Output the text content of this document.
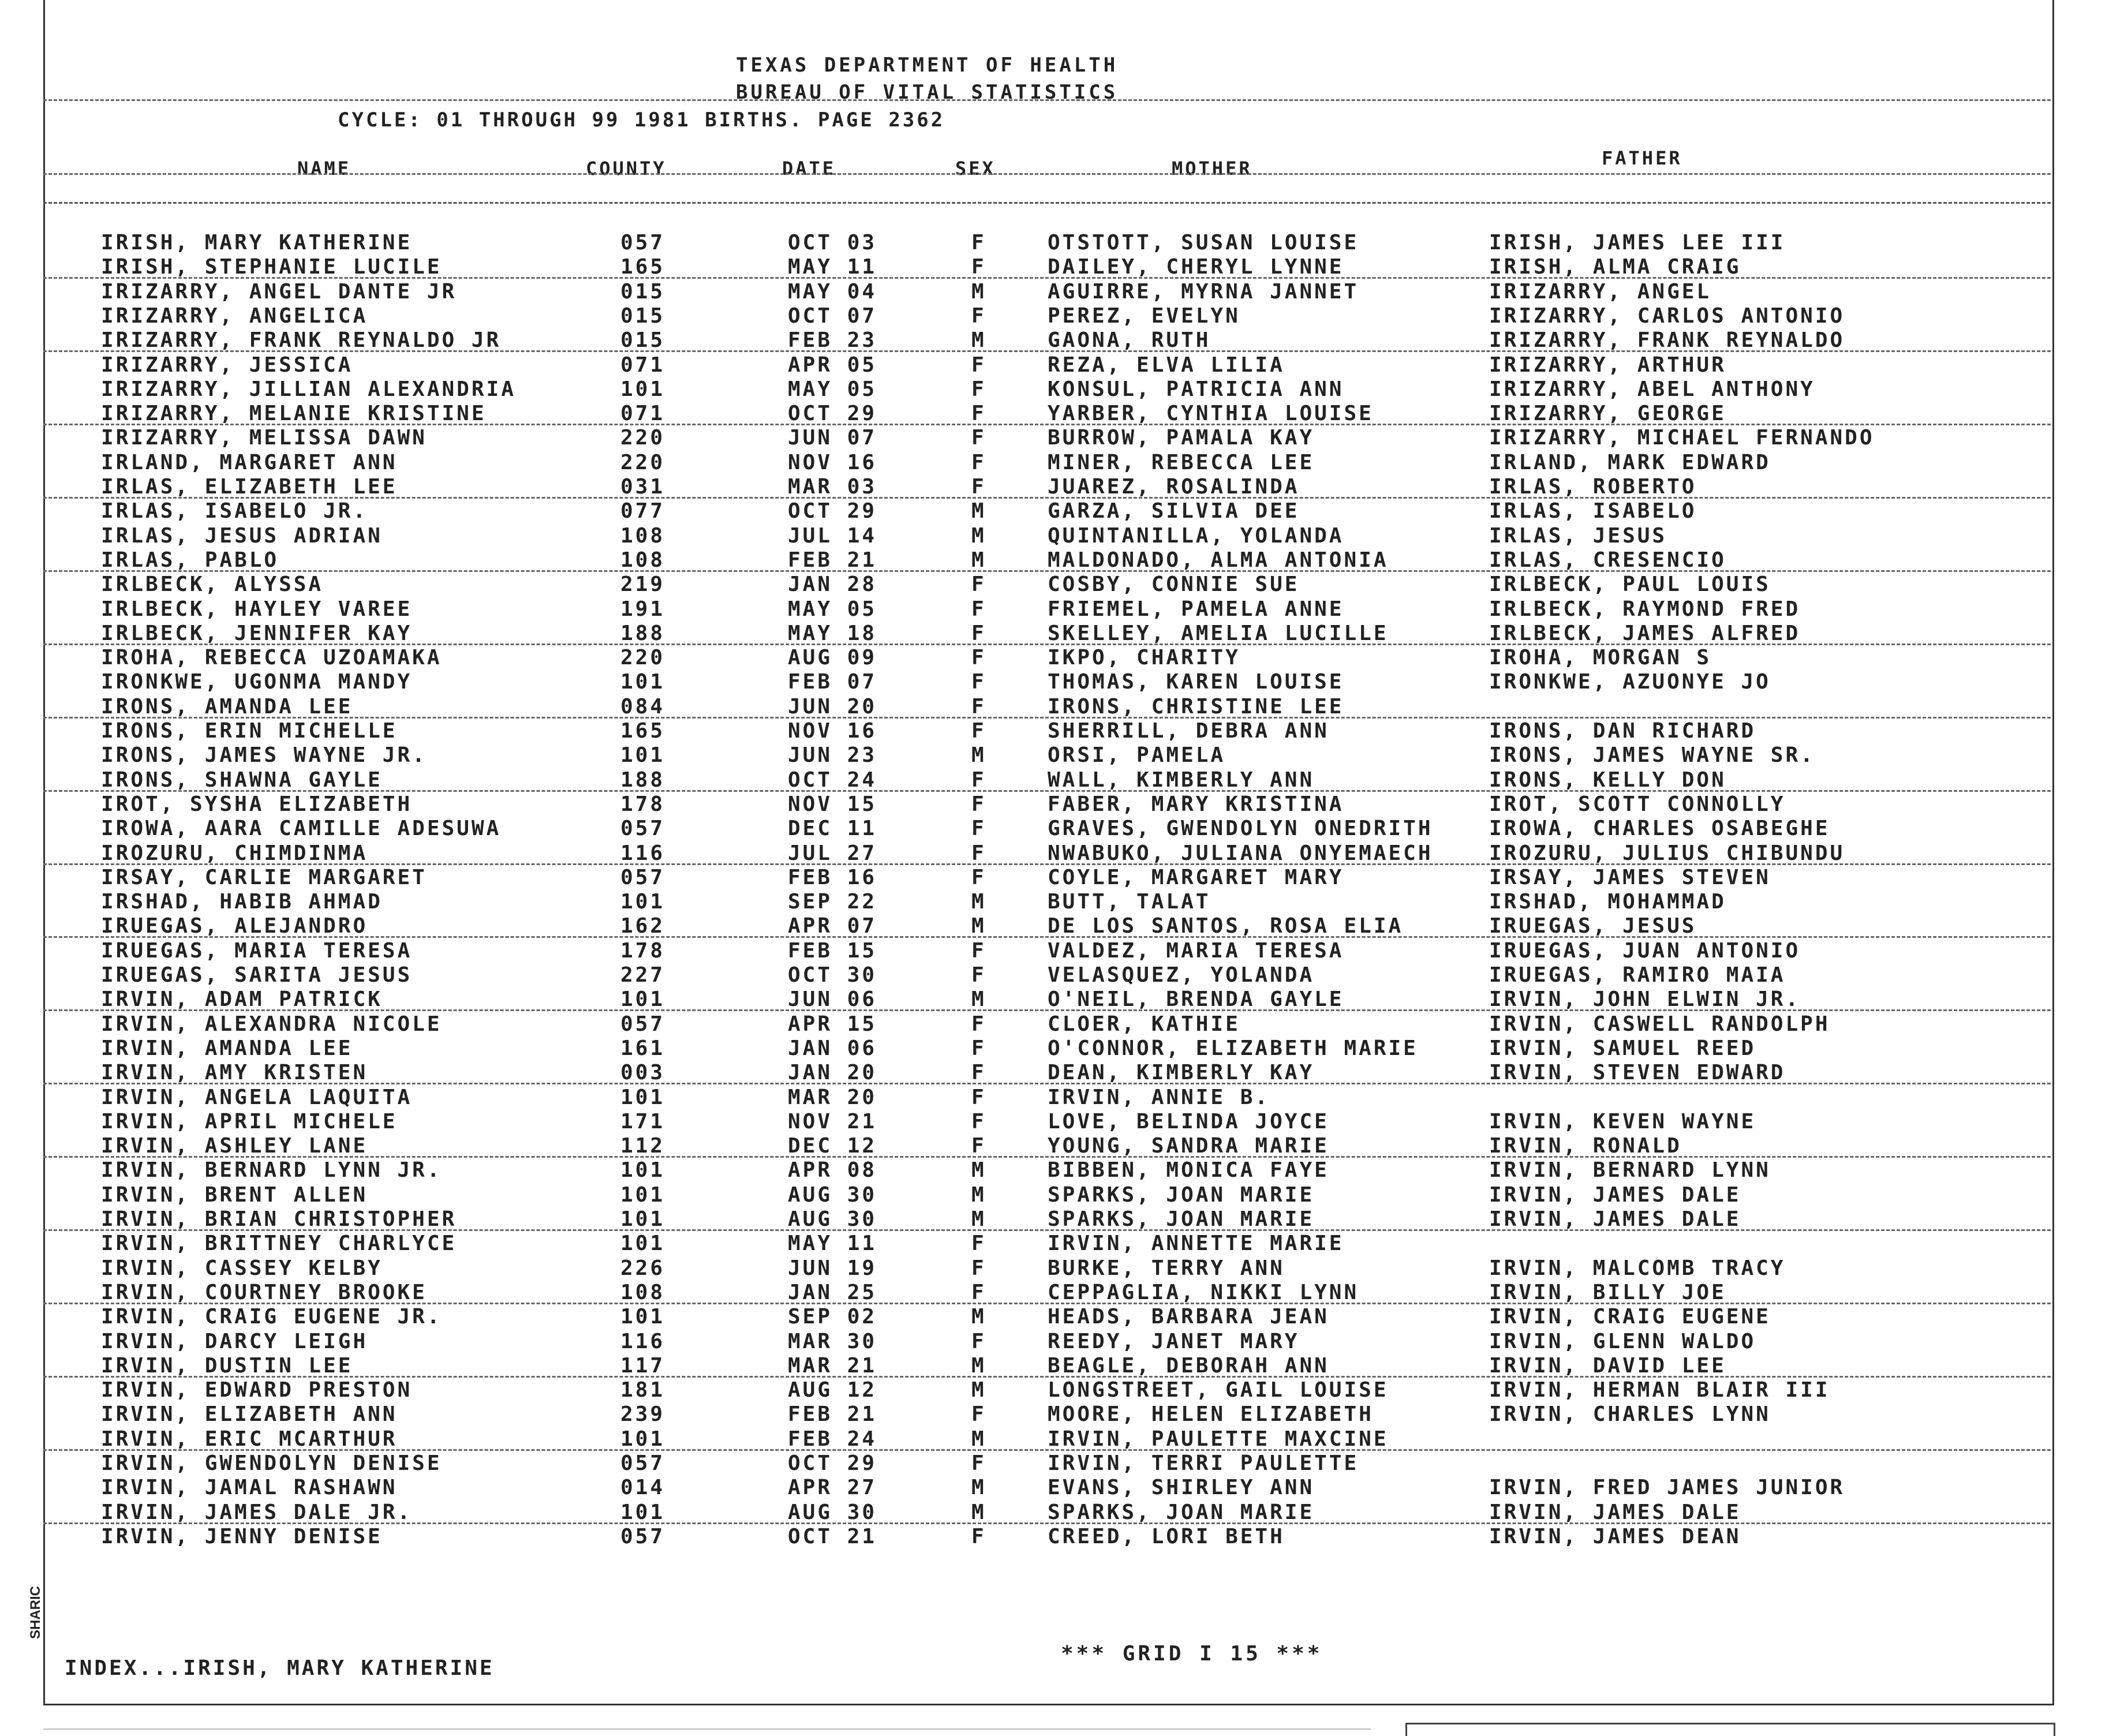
TEXAS DEPARTMENT OF HEALTH
BUREAU OF VITAL STATISTICS
CYCLE: 01 THROUGH 99 1981 BIRTHS. PAGE 2362
NAME	COUNTY	DATE	SEX	MOTHER	FATHER
IRISH, MARY KATHERINE	057	OCT 03	F	OTSTOTT, SUSAN LOUISE	IRISH, JAMES LEE III
IRISH, STEPHANIE LUCILE	165	MAY 11	F	DAILEY, CHERYL LYNNE	IRISH, ALMA CRAIG
IRIZARRY, ANGEL DANTE JR	015	MAY 04	M	AGUIRRE, MYRNA JANNET	IRIZARRY, ANGEL
IRIZARRY, ANGELICA	015	OCT 07	F	PEREZ, EVELYN	IRIZARRY, CARLOS ANTONIO
IRIZARRY, FRANK REYNALDO JR	015	FEB 23	M	GAONA, RUTH	IRIZARRY, FRANK REYNALDO
IRIZARRY, JESSICA	071	APR 05	F	REZA, ELVA LILIA	IRIZARRY, ARTHUR
IRIZARRY, JILLIAN ALEXANDRIA	101	MAY 05	F	KONSUL, PATRICIA ANN	IRIZARRY, ABEL ANTHONY
IRIZARRY, MELANIE KRISTINE	071	OCT 29	F	YARBER, CYNTHIA LOUISE	IRIZARRY, GEORGE
IRIZARRY, MELISSA DAWN	220	JUN 07	F	BURROW, PAMALA KAY	IRIZARRY, MICHAEL FERNANDO
IRLAND, MARGARET ANN	220	NOV 16	F	MINER, REBECCA LEE	IRLAND, MARK EDWARD
IRLAS, ELIZABETH LEE	031	MAR 03	F	JUAREZ, ROSALINDA	IRLAS, ROBERTO
IRLAS, ISABELO JR.	077	OCT 29	M	GARZA, SILVIA DEE	IRLAS, ISABELO
IRLAS, JESUS ADRIAN	108	JUL 14	M	QUINTANILLA, YOLANDA	IRLAS, JESUS
IRLAS, PABLO	108	FEB 21	M	MALDONADO, ALMA ANTONIA	IRLAS, CRESENCIO
IRLBECK, ALYSSA	219	JAN 28	F	COSBY, CONNIE SUE	IRLBECK, PAUL LOUIS
IRLBECK, HAYLEY VAREE	191	MAY 05	F	FRIEMEL, PAMELA ANNE	IRLBECK, RAYMOND FRED
IRLBECK, JENNIFER KAY	188	MAY 18	F	SKELLEY, AMELIA LUCILLE	IRLBECK, JAMES ALFRED
IROHA, REBECCA UZOAMAKA	220	AUG 09	F	IKPO, CHARITY	IROHA, MORGAN S
IRONKWE, UGONMA MANDY	101	FEB 07	F	THOMAS, KAREN LOUISE	IRONKWE, AZUONYE JO
IRONS, AMANDA LEE	084	JUN 20	F	IRONS, CHRISTINE LEE
IRONS, ERIN MICHELLE	165	NOV 16	F	SHERRILL, DEBRA ANN	IRONS, DAN RICHARD
IRONS, JAMES WAYNE JR.	101	JUN 23	M	ORSI, PAMELA	IRONS, JAMES WAYNE SR.
IRONS, SHAWNA GAYLE	188	OCT 24	F	WALL, KIMBERLY ANN	IRONS, KELLY DON
IROT, SYSHA ELIZABETH	178	NOV 15	F	FABER, MARY KRISTINA	IROT, SCOTT CONNOLLY
IROWA, AARA CAMILLE ADESUWA	057	DEC 11	F	GRAVES, GWENDOLYN ONEDRITH	IROWA, CHARLES OSABEGHE
IROZURU, CHIMDINMA	116	JUL 27	F	NWABUKO, JULIANA ONYEMAECH	IROZURU, JULIUS CHIBUNDU
IRSAY, CARLIE MARGARET	057	FEB 16	F	COYLE, MARGARET MARY	IRSAY, JAMES STEVEN
IRSHAD, HABIB AHMAD	101	SEP 22	M	BUTT, TALAT	IRSHAD, MOHAMMAD
IRUEGAS, ALEJANDRO	162	APR 07	M	DE LOS SANTOS, ROSA ELIA	IRUEGAS, JESUS
IRUEGAS, MARIA TERESA	178	FEB 15	F	VALDEZ, MARIA TERESA	IRUEGAS, JUAN ANTONIO
IRUEGAS, SARITA JESUS	227	OCT 30	F	VELASQUEZ, YOLANDA	IRUEGAS, RAMIRO MAIA
IRVIN, ADAM PATRICK	101	JUN 06	M	O'NEIL, BRENDA GAYLE	IRVIN, JOHN ELWIN JR.
IRVIN, ALEXANDRA NICOLE	057	APR 15	F	CLOER, KATHIE	IRVIN, CASWELL RANDOLPH
IRVIN, AMANDA LEE	161	JAN 06	F	O'CONNOR, ELIZABETH MARIE	IRVIN, SAMUEL REED
IRVIN, AMY KRISTEN	003	JAN 20	F	DEAN, KIMBERLY KAY	IRVIN, STEVEN EDWARD
IRVIN, ANGELA LAQUITA	101	MAR 20	F	IRVIN, ANNIE B.
IRVIN, APRIL MICHELE	171	NOV 21	F	LOVE, BELINDA JOYCE	IRVIN, KEVEN WAYNE
IRVIN, ASHLEY LANE	112	DEC 12	F	YOUNG, SANDRA MARIE	IRVIN, RONALD
IRVIN, BERNARD LYNN JR.	101	APR 08	M	BIBBEN, MONICA FAYE	IRVIN, BERNARD LYNN
IRVIN, BRENT ALLEN	101	AUG 30	M	SPARKS, JOAN MARIE	IRVIN, JAMES DALE
IRVIN, BRIAN CHRISTOPHER	101	AUG 30	M	SPARKS, JOAN MARIE	IRVIN, JAMES DALE
IRVIN, BRITTNEY CHARLYCE	101	MAY 11	F	IRVIN, ANNETTE MARIE
IRVIN, CASSEY KELBY	226	JUN 19	F	BURKE, TERRY ANN	IRVIN, MALCOMB TRACY
IRVIN, COURTNEY BROOKE	108	JAN 25	F	CEPPAGLIA, NIKKI LYNN	IRVIN, BILLY JOE
IRVIN, CRAIG EUGENE JR.	101	SEP 02	M	HEADS, BARBARA JEAN	IRVIN, CRAIG EUGENE
IRVIN, DARCY LEIGH	116	MAR 30	F	REEDY, JANET MARY	IRVIN, GLENN WALDO
IRVIN, DUSTIN LEE	117	MAR 21	M	BEAGLE, DEBORAH ANN	IRVIN, DAVID LEE
IRVIN, EDWARD PRESTON	181	AUG 12	M	LONGSTREET, GAIL LOUISE	IRVIN, HERMAN BLAIR III
IRVIN, ELIZABETH ANN	239	FEB 21	F	MOORE, HELEN ELIZABETH	IRVIN, CHARLES LYNN
IRVIN, ERIC MCARTHUR	101	FEB 24	M	IRVIN, PAULETTE MAXCINE
IRVIN, GWENDOLYN DENISE	057	OCT 29	F	IRVIN, TERRI PAULETTE
IRVIN, JAMAL RASHAWN	014	APR 27	M	EVANS, SHIRLEY ANN	IRVIN, FRED JAMES JUNIOR
IRVIN, JAMES DALE JR.	101	AUG 30	M	SPARKS, JOAN MARIE	IRVIN, JAMES DALE
IRVIN, JENNY DENISE	057	OCT 21	F	CREED, LORI BETH	IRVIN, JAMES DEAN
*** GRID I 15 ***
INDEX...IRISH, MARY KATHERINE
SHARIC
